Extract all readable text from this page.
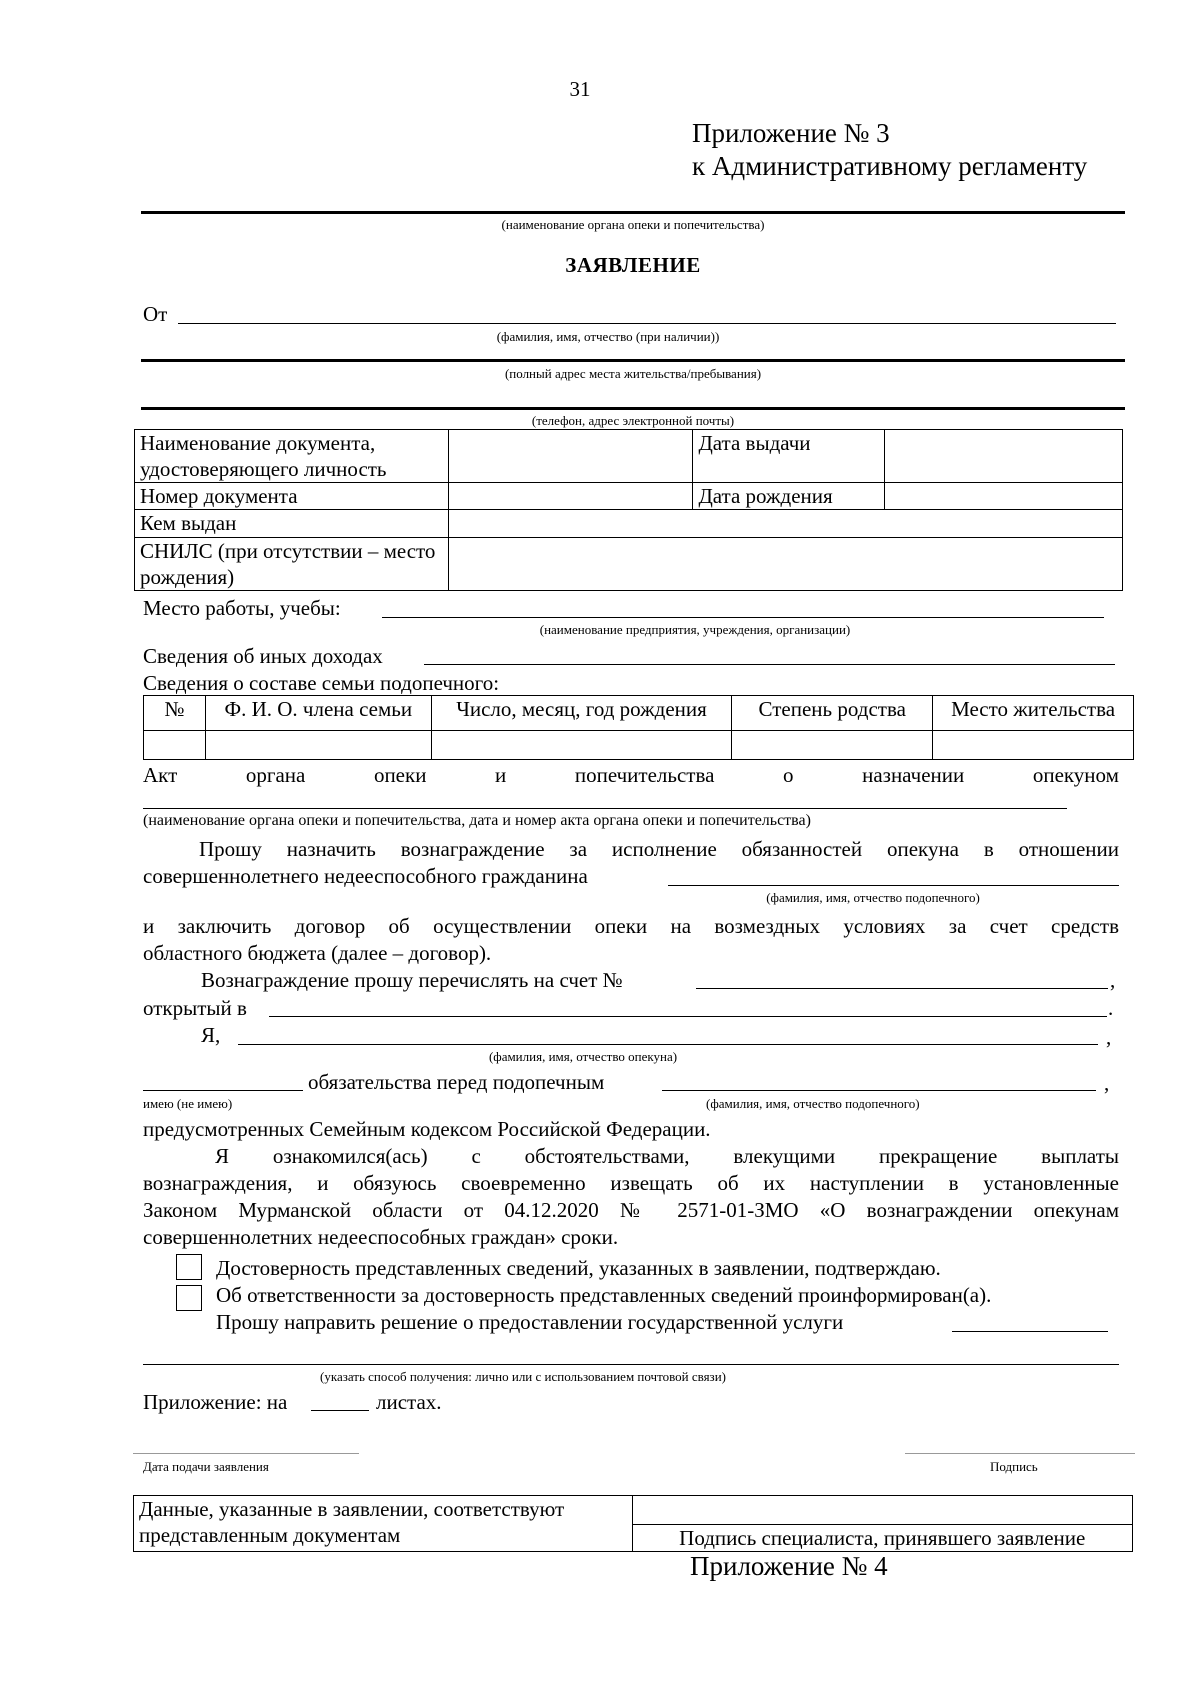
31
Приложение № 3
к Административному регламенту
(наименование органа опеки и попечительства)
ЗАЯВЛЕНИЕ
От
(фамилия, имя, отчество (при наличии))
(полный адрес места жительства/пребывания)
(телефон, адрес электронной почты)
Наименование документа, удостоверяющего личность		Дата выдачи	
Номер документа		Дата рождения	
Кем выдан			
СНИЛС (при отсутствии – место рождения)			
Место работы, учебы:
(наименование предприятия, учреждения, организации)
Сведения об иных доходах
Сведения о составе семьи подопечного:
№	Ф. И. О. члена семьи	Число, месяц, год рождения	Степень родства	Место жительства

Акт	органа	опеки	и	попечительства	о	назначении	опекуном
(наименование органа опеки и попечительства, дата и номер акта органа опеки и попечительства)
Прошу назначить вознаграждение за исполнение обязанностей опекуна в отношении
совершеннолетнего недееспособного гражданина
(фамилия, имя, отчество подопечного)
и заключить договор об осуществлении опеки на возмездных условиях за счет средств
областного бюджета (далее – договор).
Вознаграждение прошу перечислять на счет №	,
открытый в	.
Я,	,
(фамилия, имя, отчество опекуна)
обязательства перед подопечным	,
имею (не имею)	(фамилия, имя, отчество подопечного)
предусмотренных Семейным кодексом Российской Федерации.
Я ознакомился(ась) с обстоятельствами, влекущими прекращение выплаты
вознаграждения, и обязуюсь своевременно извещать об их наступлении в установленные
Законом Мурманской области от 04.12.2020 № 2571-01-ЗМО «О вознаграждении опекунам
совершеннолетних недееспособных граждан» сроки.
Достоверность представленных сведений, указанных в заявлении, подтверждаю.
Об ответственности за достоверность представленных сведений проинформирован(а).
Прошу направить решение о предоставлении государственной услуги
(указать способ получения: лично или с использованием почтовой связи)
Приложение: на	листах.
Дата подачи заявления	Подпись
Данные, указанные в заявлении, соответствуют
представленным документам	Подпись специалиста, принявшего заявление
Приложение № 4
